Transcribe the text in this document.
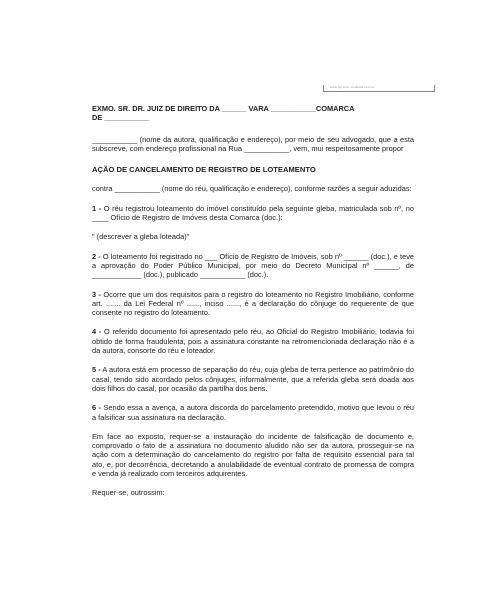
www.hp.m.br modelos.com.br

EXMO. SR. DR. JUIZ DE DIREITO DA ______ VARA ___________COMARCA

DE ___________

___________ (nome da autora, qualificação e endereço), por meio de seu advogado, que a esta subscreve, com endereço profissional na Rua ___________, vem, mui respeitosamente propor

AÇÃO DE CANCELAMENTO DE REGISTRO DE LOTEAMENTO

contra ___________ (nome do réu, qualificação e endereço), conforme razões a seguir aduzidas:

1 - O réu registrou loteamento do imóvel constituído pela seguinte gleba, matriculada sob nº, no ____ Ofício de Registro de Imóveis desta Comarca (doc.):

" (descrever a gleba loteada)"

2 - O loteamento foi registrado no ___ Ofício de Registro de Imóveis, sob nº ______ (doc.), e teve a aprovação do Poder Público Municipal, por meio do Decreto Municipal nº ______, de ____________ (doc.), publicado ___________ (doc.).

3 - Ocorre que um dos requisitos para o registro do loteamento no Registro Imobiliário, conforme art. ....... da Lei Federal nº ......, inciso ......, é a declaração do cônjuge do requerente de que consente no registro do loteamento.

4 - O referido documento foi apresentado pelo réu, ao Oficial do Registro Imobiliário, todavia foi obtido de forma fraudulenta, pois a assinatura constante na retromencionada declaração não é a da autora, consorte do réu e loteador.

5 - A autora está em processo de separação do réu, cuja gleba de terra pertence ao patrimônio do casal, tendo sido acordado pelos cônjuges, informalmente, que a referida gleba será doada aos dois filhos do casal, por ocasião da partilha dos bens.

6 - Sendo essa a avença, a autora discorda do parcelamento pretendido, motivo que levou o réu a falsificar sua assinatura na declaração.

Em face ao exposto, requer-se a instauração do incidente de falsificação de documento e, comprovado o fato de a assinatura no documento aludido não ser da autora, prosseguir-se na ação com a determinação do cancelamento do registro por falta de requisito essencial para tal ato, e, por decorrência, decretando a anulabilidade de eventual contrato de promessa de compra e venda já realizado com terceiros adquirentes.

Requer-se, outrossim:
